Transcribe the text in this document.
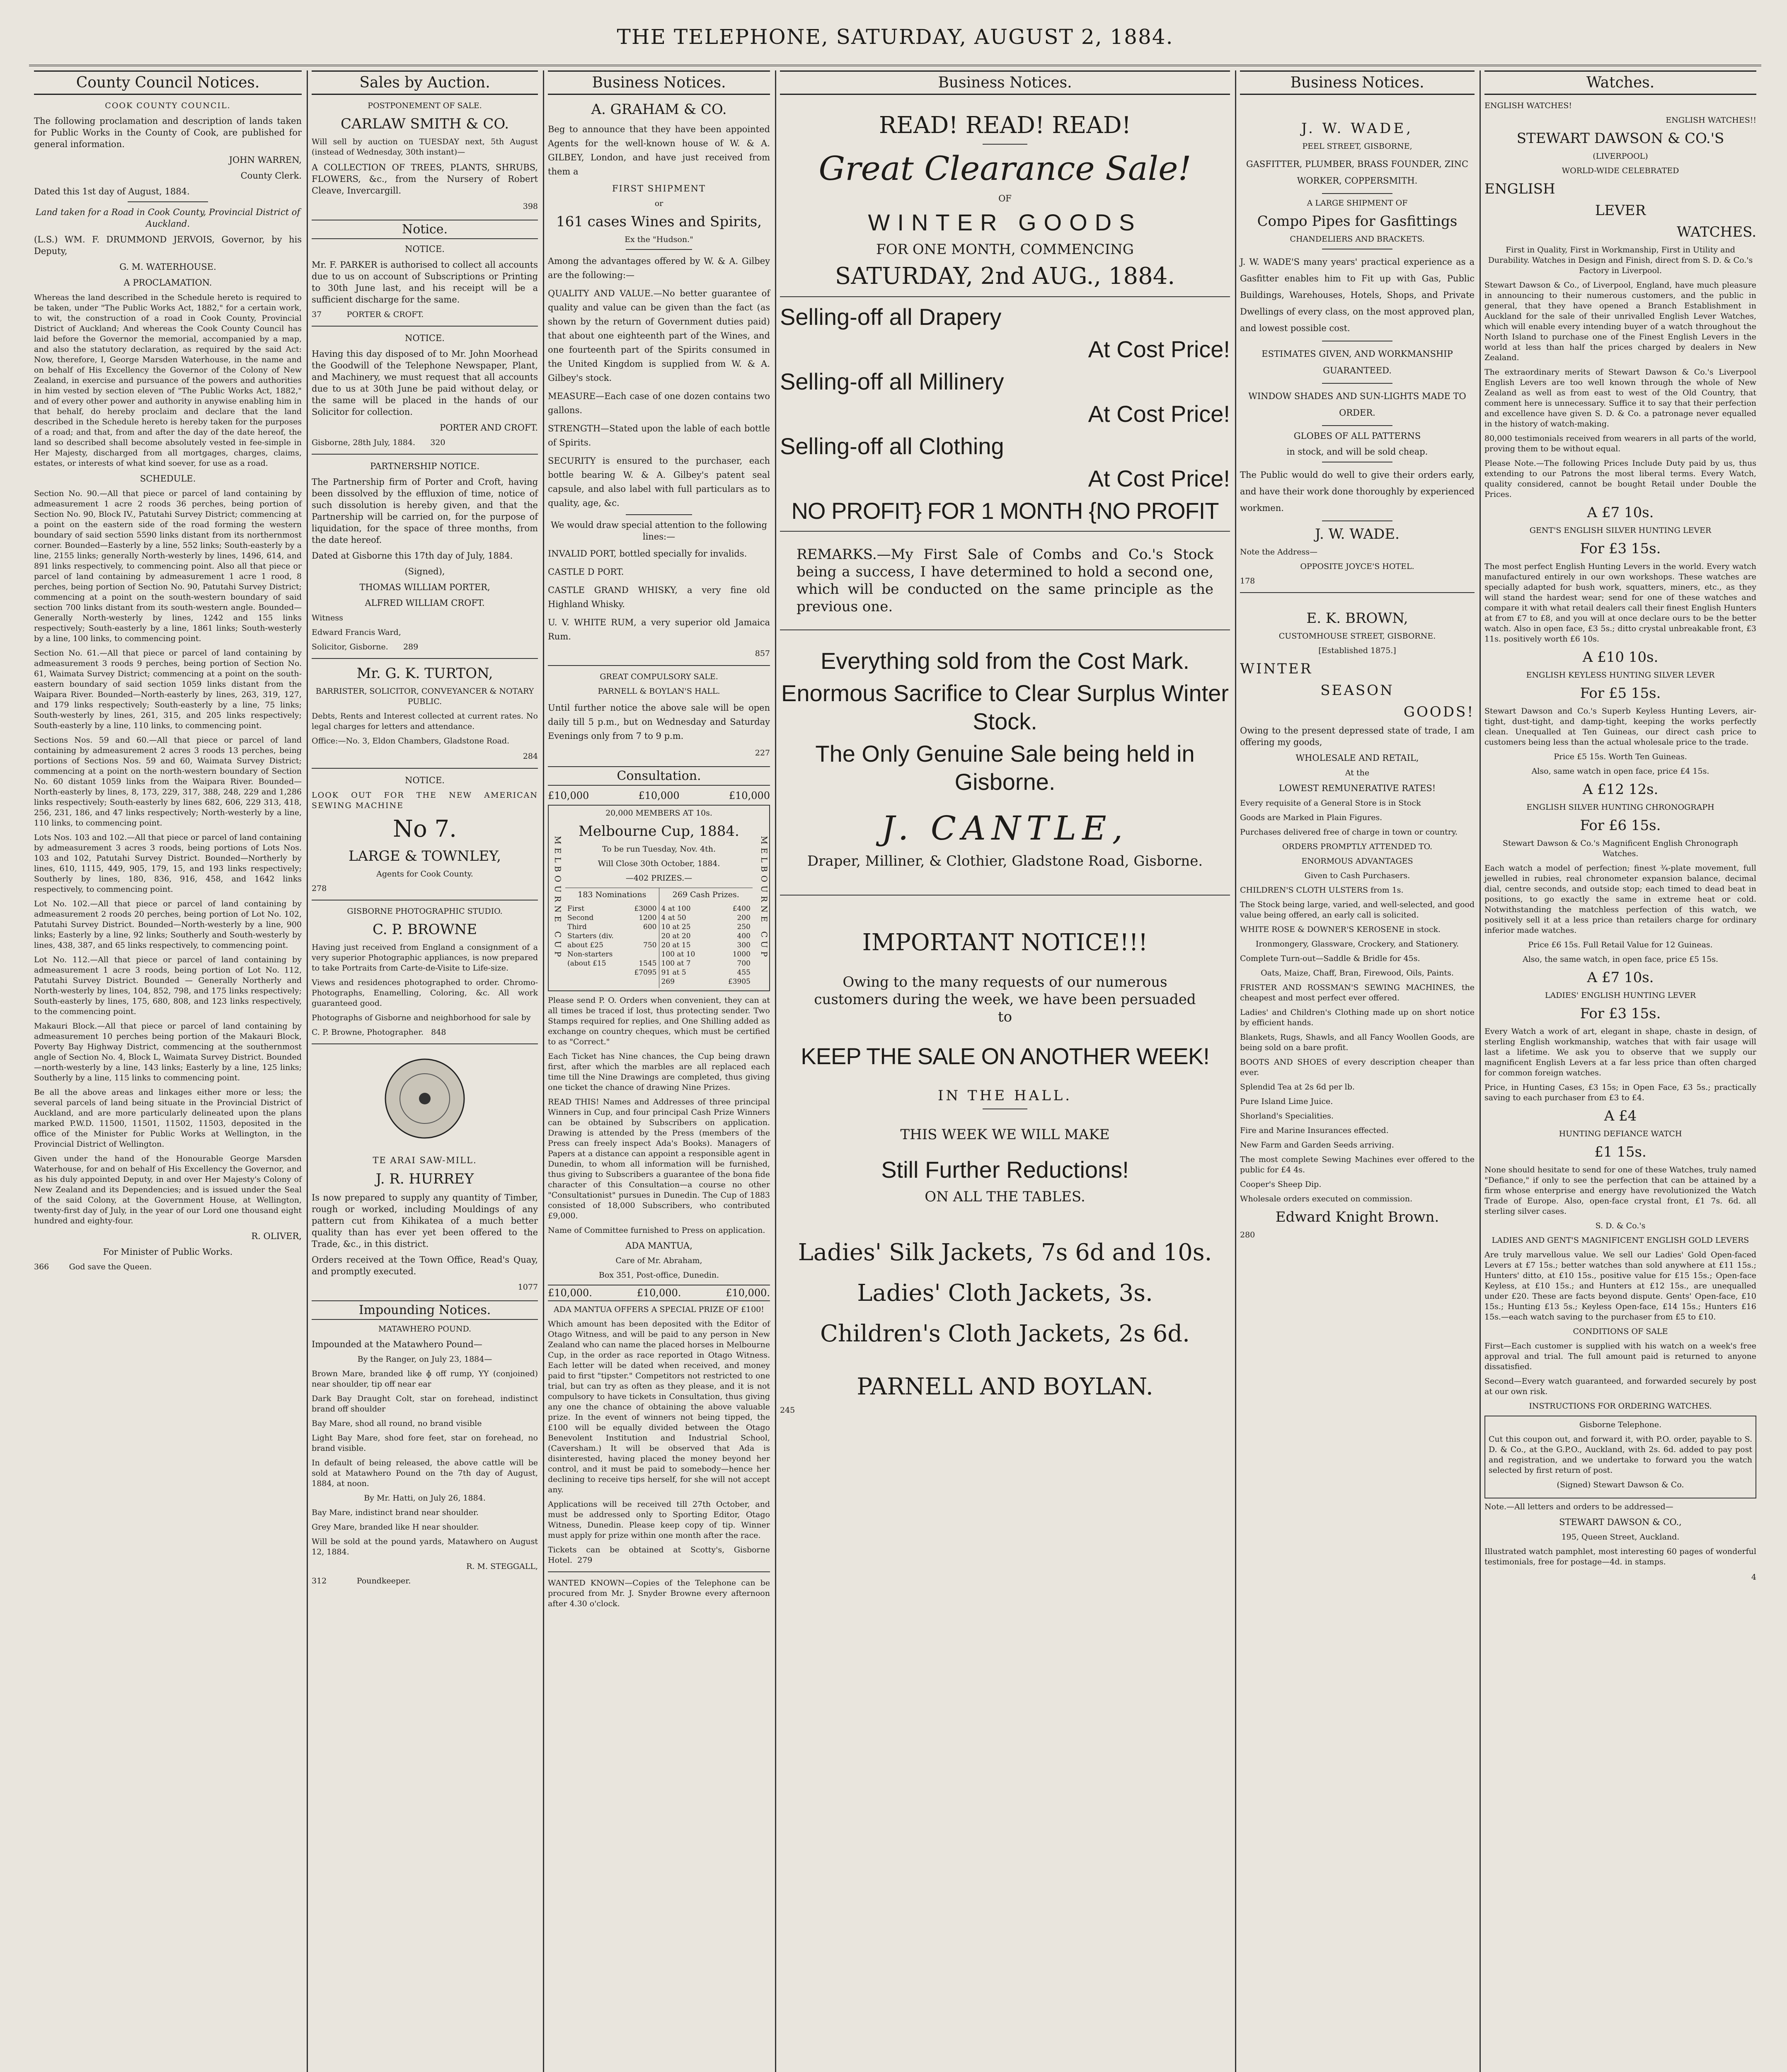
THE TELEPHONE, SATURDAY, AUGUST 2, 1884.
County Council Notices.

COOK COUNTY COUNCIL.

The following proclamation and description of lands taken for Public Works in the County of Cook, are published for general information.

JOHN WARREN,

County Clerk.

Dated this 1st day of August, 1884.

Land taken for a Road in Cook County, Provincial District of Auckland.

(L.S.) WM. F. DRUMMOND JERVOIS, Governor, by his Deputy,

G. M. WATERHOUSE.

A PROCLAMATION.

Whereas the land described in the Schedule hereto is required to be taken, under "The Public Works Act, 1882," for a certain work, to wit, the construction of a road in Cook County, Provincial District of Auckland; And whereas the Cook County Council has laid before the Governor the memorial, accompanied by a map, and also the statutory declaration, as required by the said Act: Now, therefore, I, George Marsden Waterhouse, in the name and on behalf of His Excellency the Governor of the Colony of New Zealand, in exercise and pursuance of the powers and authorities in him vested by section eleven of "The Public Works Act, 1882," and of every other power and authority in anywise enabling him in that behalf, do hereby proclaim and declare that the land described in the Schedule hereto is hereby taken for the purposes of a road; and that, from and after the day of the date hereof, the land so described shall become absolutely vested in fee-simple in Her Majesty, discharged from all mortgages, charges, claims, estates, or interests of what kind soever, for use as a road.

SCHEDULE.

Section No. 90.—All that piece or parcel of land containing by admeasurement 1 acre 2 roods 36 perches, being portion of Section No. 90, Block IV., Patutahi Survey District; commencing at a point on the eastern side of the road forming the western boundary of said section 5590 links distant from its northernmost corner. Bounded—Easterly by a line, 552 links; South-easterly by a line, 2155 links; generally North-westerly by lines, 1496, 614, and 891 links respectively, to commencing point. Also all that piece or parcel of land containing by admeasurement 1 acre 1 rood, 8 perches, being portion of Section No. 90, Patutahi Survey District; commencing at a point on the south-western boundary of said section 700 links distant from its south-western angle. Bounded—Generally North-westerly by lines, 1242 and 155 links respectively; South-easterly by a line, 1861 links; South-westerly by a line, 100 links, to commencing point.

Section No. 61.—All that piece or parcel of land containing by admeasurement 3 roods 9 perches, being portion of Section No. 61, Waimata Survey District; commencing at a point on the south-eastern boundary of said section 1059 links distant from the Waipara River. Bounded—North-easterly by lines, 263, 319, 127, and 179 links respectively; South-easterly by a line, 75 links; South-westerly by lines, 261, 315, and 205 links respectively; South-easterly by a line, 110 links, to commencing point.

Sections Nos. 59 and 60.—All that piece or parcel of land containing by admeasurement 2 acres 3 roods 13 perches, being portions of Sections Nos. 59 and 60, Waimata Survey District; commencing at a point on the north-western boundary of Section No. 60 distant 1059 links from the Waipara River. Bounded—North-easterly by lines, 8, 173, 229, 317, 388, 248, 229 and 1,286 links respectively; South-easterly by lines 682, 606, 229 313, 418, 256, 231, 186, and 47 links respectively; North-westerly by a line, 110 links, to commencing point.

Lots Nos. 103 and 102.—All that piece or parcel of land containing by admeasurement 3 acres 3 roods, being portions of Lots Nos. 103 and 102, Patutahi Survey District. Bounded—Northerly by lines, 610, 1115, 449, 905, 179, 15, and 193 links respectively; Southerly by lines, 180, 836, 916, 458, and 1642 links respectively, to commencing point.

Lot No. 102.—All that piece or parcel of land containing by admeasurement 2 roods 20 perches, being portion of Lot No. 102, Patutahi Survey District. Bounded—North-westerly by a line, 900 links; Easterly by a line, 92 links; Southerly and South-westerly by lines, 438, 387, and 65 links respectively, to commencing point.

Lot No. 112.—All that piece or parcel of land containing by admeasurement 1 acre 3 roods, being portion of Lot No. 112, Patutahi Survey District. Bounded — Generally Northerly and North-westerly by lines, 104, 852, 798, and 175 links respectively; South-easterly by lines, 175, 680, 808, and 123 links respectively, to the commencing point.

Makauri Block.—All that piece or parcel of land containing by admeasurement 10 perches being portion of the Makauri Block, Poverty Bay Highway District, commencing at the southernmost angle of Section No. 4, Block L, Waimata Survey District. Bounded—north-westerly by a line, 143 links; Easterly by a line, 125 links; Southerly by a line, 115 links to commencing point.

Be all the above areas and linkages either more or less; the several parcels of land being situate in the Provincial District of Auckland, and are more particularly delineated upon the plans marked P.W.D. 11500, 11501, 11502, 11503, deposited in the office of the Minister for Public Works at Wellington, in the Provincial District of Wellington.

Given under the hand of the Honourable George Marsden Waterhouse, for and on behalf of His Excellency the Governor, and as his duly appointed Deputy, in and over Her Majesty's Colony of New Zealand and its Dependencies; and is issued under the Seal of the said Colony, at the Government House, at Wellington, twenty-first day of July, in the year of our Lord one thousand eight hundred and eighty-four.

R. OLIVER,

For Minister of Public Works.

366	God save the Queen.

Sales by Auction.

POSTPONEMENT OF SALE.

CARLAW SMITH & CO.

Will sell by auction on TUESDAY next, 5th August (instead of Wednesday, 30th instant)—

A COLLECTION OF TREES, PLANTS, SHRUBS, FLOWERS, &c., from the Nursery of Robert Cleave, Invercargill.

398

Notice.

NOTICE.

Mr. F. PARKER is authorised to collect all accounts due to us on account of Subscriptions or Printing to 30th June last, and his receipt will be a sufficient discharge for the same.

37	PORTER & CROFT.

NOTICE.

Having this day disposed of to Mr. John Moorhead the Goodwill of the Telephone Newspaper, Plant, and Machinery, we must request that all accounts due to us at 30th June be paid without delay, or the same will be placed in the hands of our Solicitor for collection.

PORTER AND CROFT.

Gisborne, 28th July, 1884. 320

PARTNERSHIP NOTICE.

The Partnership firm of Porter and Croft, having been dissolved by the effluxion of time, notice of such dissolution is hereby given, and that the Partnership will be carried on, for the purpose of liquidation, for the space of three months, from the date hereof.

Dated at Gisborne this 17th day of July, 1884.

(Signed),

THOMAS WILLIAM PORTER,

ALFRED WILLIAM CROFT.

Witness

Edward Francis Ward,

Solicitor, Gisborne. 289

Mr. G. K. TURTON,

BARRISTER, SOLICITOR, CONVEYANCER & NOTARY PUBLIC.

Debts, Rents and Interest collected at current rates. No legal charges for letters and attendance.

Office:—No. 3, Eldon Chambers, Gladstone Road.

284

NOTICE.

LOOK OUT FOR THE NEW AMERICAN SEWING MACHINE

No 7.

LARGE & TOWNLEY,

Agents for Cook County.

278

GISBORNE PHOTOGRAPHIC STUDIO.

C. P. BROWNE

Having just received from England a consignment of a very superior Photographic appliances, is now prepared to take Portraits from Carte-de-Visite to Life-size.

Views and residences photographed to order. Chromo-Photographs, Enamelling, Coloring, &c. All work guaranteed good.

Photographs of Gisborne and neighborhood for sale by

C. P. Browne, Photographer. 848

TE ARAI SAW-MILL.

J. R. HURREY

Is now prepared to supply any quantity of Timber, rough or worked, including Mouldings of any pattern cut from Kihikatea of a much better quality than has ever yet been offered to the Trade, &c., in this district.

Orders received at the Town Office, Read's Quay, and promptly executed.

1077

Impounding Notices.

MATAWHERO POUND.

Impounded at the Matawhero Pound—

By the Ranger, on July 23, 1884—

Brown Mare, branded like ɸ off rump, YY (conjoined) near shoulder, tip off near ear

Dark Bay Draught Colt, star on forehead, indistinct brand off shoulder

Bay Mare, shod all round, no brand visible

Light Bay Mare, shod fore feet, star on forehead, no brand visible.

In default of being released, the above cattle will be sold at Matawhero Pound on the 7th day of August, 1884, at noon.

By Mr. Hatti, on July 26, 1884.

Bay Mare, indistinct brand near shoulder.

Grey Mare, branded like H near shoulder.

Will be sold at the pound yards, Matawhero on August 12, 1884.

R. M. STEGGALL,

312	Poundkeeper.

Business Notices.

A. GRAHAM & CO.

Beg to announce that they have been appointed Agents for the well-known house of W. & A. GILBEY, London, and have just received from them a

FIRST SHIPMENT

or

161 cases Wines and Spirits,

Ex the "Hudson."

Among the advantages offered by W. & A. Gilbey are the following:—

QUALITY AND VALUE.—No better guarantee of quality and value can be given than the fact (as shown by the return of Government duties paid) that about one eighteenth part of the Wines, and one fourteenth part of the Spirits consumed in the United Kingdom is supplied from W. & A. Gilbey's stock.

MEASURE—Each case of one dozen contains two gallons.

STRENGTH—Stated upon the lable of each bottle of Spirits.

SECURITY is ensured to the purchaser, each bottle bearing W. & A. Gilbey's patent seal capsule, and also label with full particulars as to quality, age, &c.

We would draw special attention to the following lines:—

INVALID PORT, bottled specially for invalids.

CASTLE D PORT.

CASTLE GRAND WHISKY, a very fine old Highland Whisky.

U. V. WHITE RUM, a very superior old Jamaica Rum.

857

GREAT COMPULSORY SALE.

PARNELL & BOYLAN'S HALL.

Until further notice the above sale will be open daily till 5 p.m., but on Wednesday and Saturday Evenings only from 7 to 9 p.m.

227

Consultation.
£10,000	£10,000	£10,000
MELBOURNE CUP

20,000 MEMBERS AT 10s.

Melbourne Cup, 1884.

To be run Tuesday, Nov. 4th.

Will Close 30th October, 1884.

—402 PRIZES.—

183 Nominations

First	£3000
Second	1200
Third	600
Starters (div.	
about £25	750
Non-starters	
(about £15	1545
	£7095

269 Cash Prizes.

4 at 100	£400
4 at 50	200
10 at 25	250
20 at 20	400
20 at 15	300
100 at 10	1000
100 at 7	700
91 at 5	455
269	£3905
MELBOURNE CUP

Please send P. O. Orders when convenient, they can at all times be traced if lost, thus protecting sender. Two Stamps required for replies, and One Shilling added as exchange on country cheques, which must be certified to as "Correct."

Each Ticket has Nine chances, the Cup being drawn first, after which the marbles are all replaced each time till the Nine Drawings are completed, thus giving one ticket the chance of drawing Nine Prizes.

READ THIS! Names and Addresses of three principal Winners in Cup, and four principal Cash Prize Winners can be obtained by Subscribers on application. Drawing is attended by the Press (members of the Press can freely inspect Ada's Books). Managers of Papers at a distance can appoint a responsible agent in Dunedin, to whom all information will be furnished, thus giving to Subscribers a guarantee of the bona fide character of this Consultation—a course no other "Consultationist" pursues in Dunedin. The Cup of 1883 consisted of 18,000 Subscribers, who contributed £9,000.

Name of Committee furnished to Press on application.

ADA MANTUA,

Care of Mr. Abraham,

Box 351, Post-office, Dunedin.

£10,000.	£10,000.	£10,000.

ADA MANTUA OFFERS A SPECIAL PRIZE OF £100!

Which amount has been deposited with the Editor of Otago Witness, and will be paid to any person in New Zealand who can name the placed horses in Melbourne Cup, in the order as race reported in Otago Witness. Each letter will be dated when received, and money paid to first "tipster." Competitors not restricted to one trial, but can try as often as they please, and it is not compulsory to have tickets in Consultation, thus giving any one the chance of obtaining the above valuable prize. In the event of winners not being tipped, the £100 will be equally divided between the Otago Benevolent Institution and Industrial School, (Caversham.) It will be observed that Ada is disinterested, having placed the money beyond her control, and it must be paid to somebody—hence her declining to receive tips herself, for she will not accept any.

Applications will be received till 27th October, and must be addressed only to Sporting Editor, Otago Witness, Dunedin. Please keep copy of tip. Winner must apply for prize within one month after the race.

Tickets can be obtained at Scotty's, Gisborne Hotel. 279

WANTED KNOWN—Copies of the Telephone can be procured from Mr. J. Snyder Browne every afternoon after 4.30 o'clock.

Business Notices.

READ! READ! READ!

Great Clearance Sale!

OF

WINTER GOODS

FOR ONE MONTH, COMMENCING

SATURDAY, 2nd AUG., 1884.

Selling-off all Drapery

At Cost Price!

Selling-off all Millinery

At Cost Price!

Selling-off all Clothing

At Cost Price!

NO PROFIT} FOR 1 MONTH {NO PROFIT

REMARKS.—My First Sale of Combs and Co.'s Stock being a success, I have determined to hold a second one, which will be conducted on the same principle as the previous one.

Everything sold from the Cost Mark.

Enormous Sacrifice to Clear Surplus Winter Stock.

The Only Genuine Sale being held in Gisborne.

J. CANTLE,

Draper, Milliner, & Clothier, Gladstone Road, Gisborne.

IMPORTANT NOTICE!!!

Owing to the many requests of our numerous customers during the week, we have been persuaded to

KEEP THE SALE ON ANOTHER WEEK!

IN THE HALL.

THIS WEEK WE WILL MAKE

Still Further Reductions!

ON ALL THE TABLES.

Ladies' Silk Jackets, 7s 6d and 10s.

Ladies' Cloth Jackets, 3s.

Children's Cloth Jackets, 2s 6d.

PARNELL AND BOYLAN.

245

Business Notices.

J. W. WADE,

PEEL STREET, GISBORNE,

GASFITTER, PLUMBER, BRASS FOUNDER, ZINC WORKER, COPPERSMITH.

A LARGE SHIPMENT OF

Compo Pipes for Gasfittings

CHANDELIERS AND BRACKETS.

J. W. WADE'S many years' practical experience as a Gasfitter enables him to Fit up with Gas, Public Buildings, Warehouses, Hotels, Shops, and Private Dwellings of every class, on the most approved plan, and lowest possible cost.

ESTIMATES GIVEN, AND WORKMANSHIP GUARANTEED.

WINDOW SHADES AND SUN-LIGHTS MADE TO ORDER.

GLOBES OF ALL PATTERNS

in stock, and will be sold cheap.

The Public would do well to give their orders early, and have their work done thoroughly by experienced workmen.

J. W. WADE.

Note the Address—

OPPOSITE JOYCE'S HOTEL.

178

E. K. BROWN,

CUSTOMHOUSE STREET, GISBORNE.

[Established 1875.]

WINTER

SEASON

GOODS!

Owing to the present depressed state of trade, I am offering my goods,

WHOLESALE AND RETAIL,

At the

LOWEST REMUNERATIVE RATES!

Every requisite of a General Store is in Stock

Goods are Marked in Plain Figures.

Purchases delivered free of charge in town or country.

ORDERS PROMPTLY ATTENDED TO.

ENORMOUS ADVANTAGES

Given to Cash Purchasers.

CHILDREN'S CLOTH ULSTERS from 1s.

The Stock being large, varied, and well-selected, and good value being offered, an early call is solicited.

WHITE ROSE & DOWNER'S KEROSENE in stock.

Ironmongery, Glassware, Crockery, and Stationery.

Complete Turn-out—Saddle & Bridle for 45s.

Oats, Maize, Chaff, Bran, Firewood, Oils, Paints.

FRISTER AND ROSSMAN'S SEWING MACHINES, the cheapest and most perfect ever offered.

Ladies' and Children's Clothing made up on short notice by efficient hands.

Blankets, Rugs, Shawls, and all Fancy Woollen Goods, are being sold on a bare profit.

BOOTS AND SHOES of every description cheaper than ever.

Splendid Tea at 2s 6d per lb.

Pure Island Lime Juice.

Shorland's Specialities.

Fire and Marine Insurances effected.

New Farm and Garden Seeds arriving.

The most complete Sewing Machines ever offered to the public for £4 4s.

Cooper's Sheep Dip.

Wholesale orders executed on commission.

Edward Knight Brown.

280

Watches.

ENGLISH WATCHES!

ENGLISH WATCHES!!

STEWART DAWSON & CO.'S

(LIVERPOOL)

WORLD-WIDE CELEBRATED

ENGLISH

LEVER

WATCHES.

First in Quality, First in Workmanship, First in Utility and Durability. Watches in Design and Finish, direct from S. D. & Co.'s Factory in Liverpool.

Stewart Dawson & Co., of Liverpool, England, have much pleasure in announcing to their numerous customers, and the public in general, that they have opened a Branch Establishment in Auckland for the sale of their unrivalled English Lever Watches, which will enable every intending buyer of a watch throughout the North Island to purchase one of the Finest English Levers in the world at less than half the prices charged by dealers in New Zealand.

The extraordinary merits of Stewart Dawson & Co.'s Liverpool English Levers are too well known through the whole of New Zealand as well as from east to west of the Old Country, that comment here is unnecessary. Suffice it to say that their perfection and excellence have given S. D. & Co. a patronage never equalled in the history of watch-making.

80,000 testimonials received from wearers in all parts of the world, proving them to be without equal.

Please Note.—The following Prices Include Duty paid by us, thus extending to our Patrons the most liberal terms. Every Watch, quality considered, cannot be bought Retail under Double the Prices.

A £7 10s.

GENT'S ENGLISH SILVER HUNTING LEVER

For £3 15s.

The most perfect English Hunting Levers in the world. Every watch manufactured entirely in our own workshops. These watches are specially adapted for bush work, squatters, miners, etc., as they will stand the hardest wear; send for one of these watches and compare it with what retail dealers call their finest English Hunters at from £7 to £8, and you will at once declare ours to be the better watch. Also in open face, £3 5s.; ditto crystal unbreakable front, £3 11s. positively worth £6 10s.

A £10 10s.

ENGLISH KEYLESS HUNTING SILVER LEVER

For £5 15s.

Stewart Dawson and Co.'s Superb Keyless Hunting Levers, air-tight, dust-tight, and damp-tight, keeping the works perfectly clean. Unequalled at Ten Guineas, our direct cash price to customers being less than the actual wholesale price to the trade.

Price £5 15s. Worth Ten Guineas.

Also, same watch in open face, price £4 15s.

A £12 12s.

ENGLISH SILVER HUNTING CHRONOGRAPH

For £6 15s.

Stewart Dawson & Co.'s Magnificent English Chronograph Watches.

Each watch a model of perfection; finest ¾-plate movement, full jewelled in rubies, real chronometer expansion balance, decimal dial, centre seconds, and outside stop; each timed to dead beat in positions, to go exactly the same in extreme heat or cold. Notwithstanding the matchless perfection of this watch, we positively sell it at a less price than retailers charge for ordinary inferior made watches.

Price £6 15s. Full Retail Value for 12 Guineas.

Also, the same watch, in open face, price £5 15s.

A £7 10s.

LADIES' ENGLISH HUNTING LEVER

For £3 15s.

Every Watch a work of art, elegant in shape, chaste in design, of sterling English workmanship, watches that with fair usage will last a lifetime. We ask you to observe that we supply our magnificent English Levers at a far less price than often charged for common foreign watches.

Price, in Hunting Cases, £3 15s; in Open Face, £3 5s.; practically saving to each purchaser from £3 to £4.

A £4

HUNTING DEFIANCE WATCH

£1 15s.

None should hesitate to send for one of these Watches, truly named "Defiance," if only to see the perfection that can be attained by a firm whose enterprise and energy have revolutionized the Watch Trade of Europe. Also, open-face crystal front, £1 7s. 6d. all sterling silver cases.

S. D. & Co.'s

LADIES AND GENT'S MAGNIFICENT ENGLISH GOLD LEVERS

Are truly marvellous value. We sell our Ladies' Gold Open-faced Levers at £7 15s.; better watches than sold anywhere at £11 15s.; Hunters' ditto, at £10 15s., positive value for £15 15s.; Open-face Keyless, at £10 15s.; and Hunters at £12 15s., are unequalled under £20. These are facts beyond dispute. Gents' Open-face, £10 15s.; Hunting £13 5s.; Keyless Open-face, £14 15s.; Hunters £16 15s.—each watch saving to the purchaser from £5 to £10.

CONDITIONS OF SALE

First—Each customer is supplied with his watch on a week's free approval and trial. The full amount paid is returned to anyone dissatisfied.

Second—Every watch guaranteed, and forwarded securely by post at our own risk.

INSTRUCTIONS FOR ORDERING WATCHES.

Gisborne Telephone.

Cut this coupon out, and forward it, with P.O. order, payable to S. D. & Co., at the G.P.O., Auckland, with 2s. 6d. added to pay post and registration, and we undertake to forward you the watch selected by first return of post.

(Signed) Stewart Dawson & Co.

Note.—All letters and orders to be addressed—

STEWART DAWSON & CO.,

195, Queen Street, Auckland.

Illustrated watch pamphlet, most interesting 60 pages of wonderful testimonials, free for postage—4d. in stamps.

4
